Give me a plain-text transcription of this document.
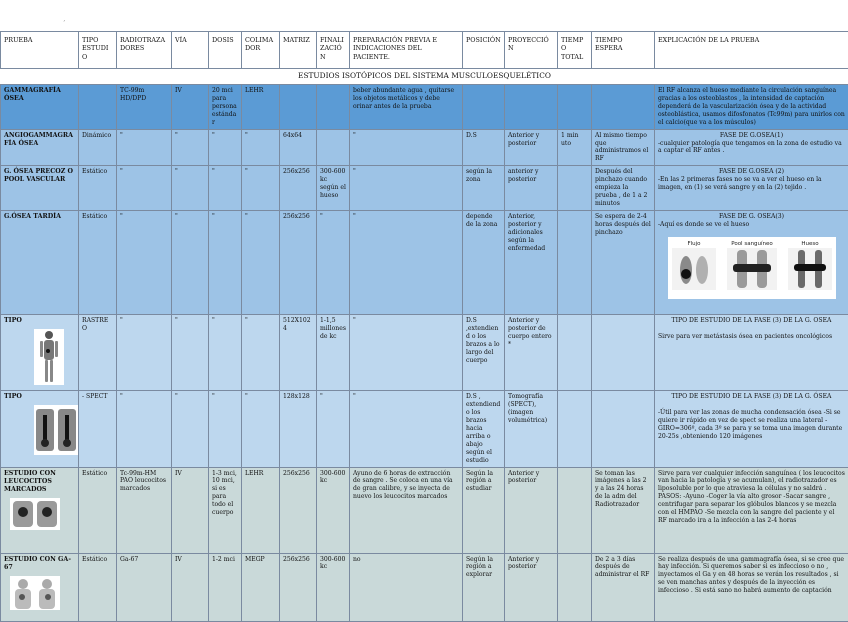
ʼ
PRUEBA	TIPO ESTUDIO	RADIOTRAZA DORES	VÍA	DOSIS	COLIMA DOR	MATRIZ	FINALI ZACIÓN	PREPARACIÓN PREVIA E INDICACIONES DEL PACIENTE.	POSICIÓN	PROYECCIÓN	TIEMPO TOTAL	TIEMPO ESPERA	EXPLICACIÓN DE LA PRUEBA
ESTUDIOS ISOTÓPICOS DEL SISTEMA MUSCULOESQUELÉTICO													
GAMMAGRAFÍA ÓSEA		TC-99m HD/DPD	IV	20 mci para persona estándar	LEHR			beber abundante agua , quitarse los objetos metálicos y debe orinar antes de la prueba					El RF alcanza el hueso mediante la circulación sanguínea gracias a los osteoblastos , la intensidad de captación dependerá de la vascularización ósea y de la actividad osteoblástica, usamos difosfonatos (Tc99m) para unirlos con el calcio(que va a los músculos)
ANGIOGAMMAGRAFÍA ÓSEA	Dinámico	"	"	"	"	64x64		"	D.S	Anterior y posterior	1 min uto	Al mismo tiempo que administramos el RF	FASE DE G.OSEA(1)
-cualquier patología que tengamos en la zona de estudio va a captar el RF antes .

G. ÓSEA PRECOZ O POOL VASCULAR	Estático	"	"	"	"	256x256	300-600 kc según el hueso	"	según la zona	anterior y posterior		Después del pinchazo cuando empieza la prueba , de 1 a 2 minutos	FASE DE G.OSEA (2)
-En las 2 primeras fases no se va a ver el hueso en la imagen, en (1) se verá sangre y en la (2) tejido .

G.ÓSEA TARDÍA	Estático	"	"	"	"	256x256	"	"	depende de la zona	Anterior, posterior y adicionales según la enfermedad		Se espera de 2-4 horas después del pinchazo	FASE DE G. OSEA(3)
-Aquí es donde se ve el hueso
Flujo Pool sanguíneo Hueso

TIPO	RASTREO	"	"	"	"	512X1024	1-1,5 millones de kc	"	D.S ,extendiend o los brazos a lo largo del cuerpo	Anterior y posterior de cuerpo entero *			TIPO DE ESTUDIO DE LA FASE (3) DE LA G. OSEA
Sirve para ver metástasis ósea en pacientes oncológicos

TIPO	- SPECT	"	"	"	"	128x128	"	"	D.S , extendiend o los brazos hacia arriba o abajo según el estudio	Tomografía (SPECT), (imagen volumétrica)			TIPO DE ESTUDIO DE LA FASE (3) DE LA G. ÓSEA
-Útil para ver las zonas de mucha condensación ósea -Si se quiere ir rápido en vez de spect se realiza una lateral -GIRO=306º, cada 3º se para y se toma una imagen durante 20-25s ,obteniendo 120 imágenes

ESTUDIO CON LEUCOCITOS MARCADOS	Estático	Tc-99m-HM PAO leucocitos marcados	IV	1-3 mci, 10 mci, si es para todo el cuerpo	LEHR	256x256	300-600 kc	Ayuno de 6 horas de extracción de sangre . Se coloca en una vía de gran calibre, y se inyecta de nuevo los leucocitos marcados	Según la región a estudiar	Anterior y posterior		Se toman las imágenes a las 2 y a las 24 horas de la adm del Radiotrazador	Sirve para ver cualquier infección sanguínea ( los leucocitos van hacia la patología y se acumulan), el radiotrazador es liposoluble por lo que atraviesa la células y no saldrá . PASOS: -Ayuno -Coger la vía alto grosor -Sacar sangre , centrifugar para separar los glóbulos blancos y se mezcla con el HMPAO -Se mezcla con la sangre del paciente y el RF marcado ira a la infección a las 2-4 horas

ESTUDIO CON GA-67	Estático	Ga-67	IV	1-2 mci	MEGP	256x256	300-600 kc	no	Según la región a explorar	Anterior y posterior		De 2 a 3 días después de administrar el RF	Se realiza después de una gammagrafía ósea, si se cree que hay infección. Si queremos saber si es infeccioso o no , inyectamos el Ga y en 48 horas se verán los resultados , si se ven manchas antes y después de la inyección es infeccioso . Si está sano no habrá aumento de captación
